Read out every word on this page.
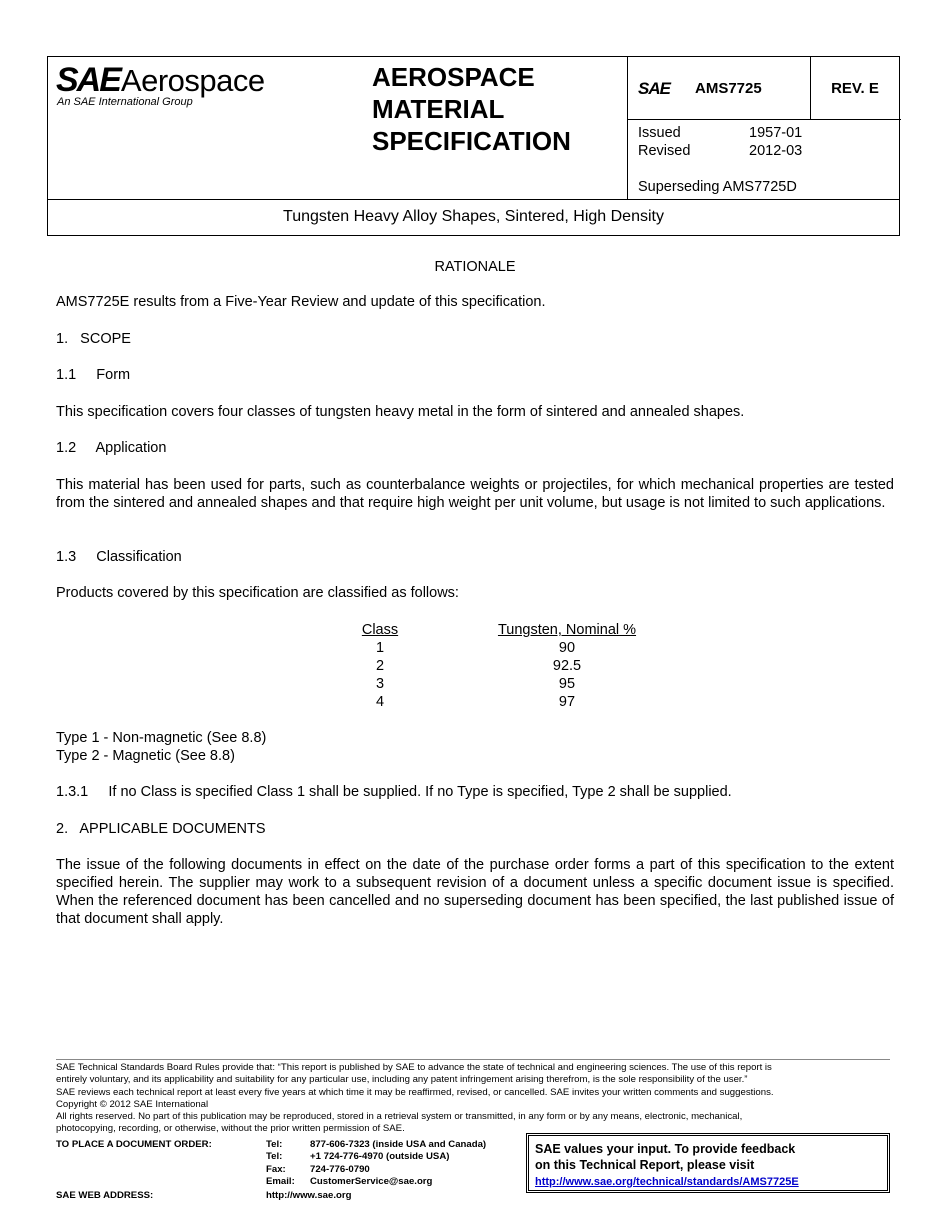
SAE Aerospace
An SAE International Group
AEROSPACE
MATERIAL
SPECIFICATION
SAE AMS7725	REV. E
Issued	1957-01
Revised	2012-03
Superseding AMS7725D
Tungsten Heavy Alloy Shapes, Sintered, High Density
RATIONALE
AMS7725E results from a Five-Year Review and update of this specification.
1.   SCOPE
1.1     Form
This specification covers four classes of tungsten heavy metal in the form of sintered and annealed shapes.
1.2     Application
This material has been used for parts, such as counterbalance weights or projectiles, for which mechanical properties are tested from the sintered and annealed shapes and that require high weight per unit volume, but usage is not limited to such applications.
1.3     Classification
Products covered by this specification are classified as follows:
Class	Tungsten, Nominal %
1	90
2	92.5
3	95
4	97
Type 1 - Non-magnetic (See 8.8)
Type 2 - Magnetic (See 8.8)
1.3.1     If no Class is specified Class 1 shall be supplied. If no Type is specified, Type 2 shall be supplied.
2.   APPLICABLE DOCUMENTS
The issue of the following documents in effect on the date of the purchase order forms a part of this specification to the extent specified herein. The supplier may work to a subsequent revision of a document unless a specific document issue is specified. When the referenced document has been cancelled and no superseding document has been specified, the last published issue of that document shall apply.
SAE Technical Standards Board Rules provide that: “This report is published by SAE to advance the state of technical and engineering sciences. The use of this report is
entirely voluntary, and its applicability and suitability for any particular use, including any patent infringement arising therefrom, is the sole responsibility of the user.”
SAE reviews each technical report at least every five years at which time it may be reaffirmed, revised, or cancelled. SAE invites your written comments and suggestions.
Copyright © 2012 SAE International
All rights reserved. No part of this publication may be reproduced, stored in a retrieval system or transmitted, in any form or by any means, electronic, mechanical,
photocopying, recording, or otherwise, without the prior written permission of SAE.
TO PLACE A DOCUMENT ORDER:	Tel:	877-606-7323 (inside USA and Canada)
Tel:	+1 724-776-4970 (outside USA)
Fax:	724-776-0790
Email:	CustomerService@sae.org
SAE WEB ADDRESS:	http://www.sae.org
SAE values your input. To provide feedback
on this Technical Report, please visit
http://www.sae.org/technical/standards/AMS7725E
